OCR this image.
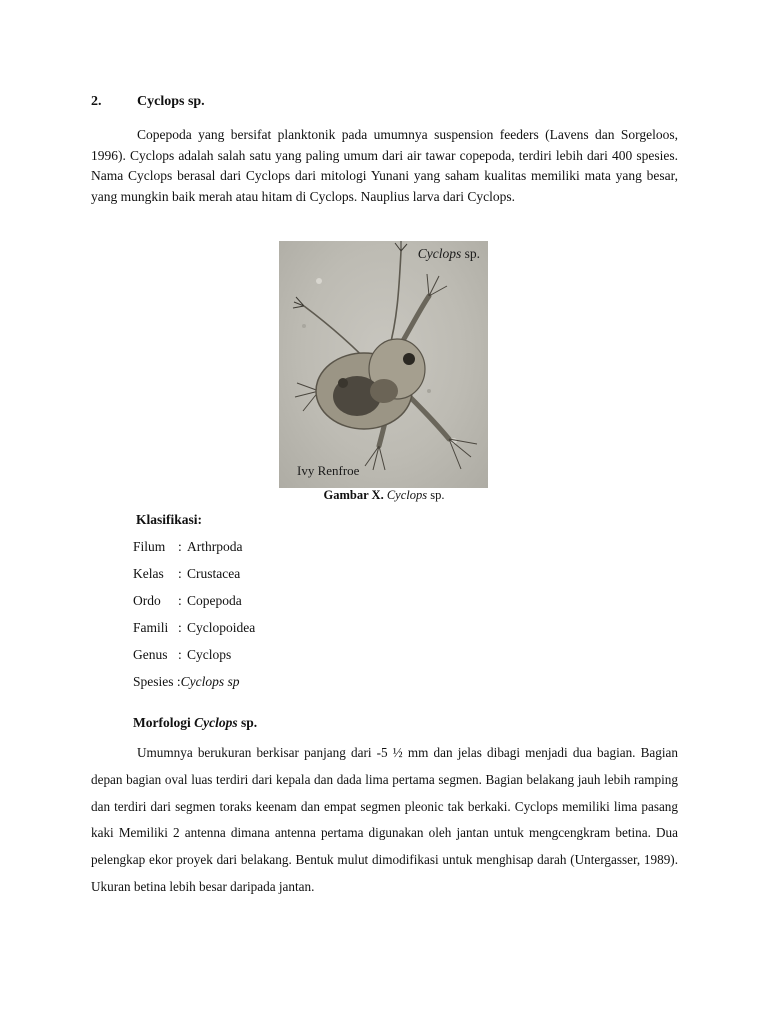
2.	Cyclops sp.

Copepoda yang bersifat planktonik pada umumnya suspension feeders (Lavens dan Sorgeloos, 1996). Cyclops adalah salah satu yang paling umum dari air tawar copepoda, terdiri lebih dari 400 spesies. Nama Cyclops berasal dari Cyclops dari mitologi Yunani yang saham kualitas memiliki mata yang besar, yang mungkin baik merah atau hitam di Cyclops. Nauplius larva dari Cyclops.

Cyclops sp.
Ivy Renfroe
Gambar X. Cyclops sp.
Klasifikasi:
Filum : Arthrpoda
Kelas : Crustacea
Ordo : Copepoda
Famili : Cyclopoidea
Genus : Cyclops
Spesies :Cyclops sp
Morfologi Cyclops sp.

Umumnya berukuran berkisar panjang dari -5 ½ mm dan jelas dibagi menjadi dua bagian. Bagian depan bagian oval luas terdiri dari kepala dan dada lima pertama segmen. Bagian belakang jauh lebih ramping dan terdiri dari segmen toraks keenam dan empat segmen pleonic tak berkaki. Cyclops memiliki lima pasang kaki Memiliki 2 antenna dimana antenna pertama digunakan oleh jantan untuk mengcengkram betina. Dua pelengkap ekor proyek dari belakang. Bentuk mulut dimodifikasi untuk menghisap darah (Untergasser, 1989). Ukuran betina lebih besar daripada jantan.
